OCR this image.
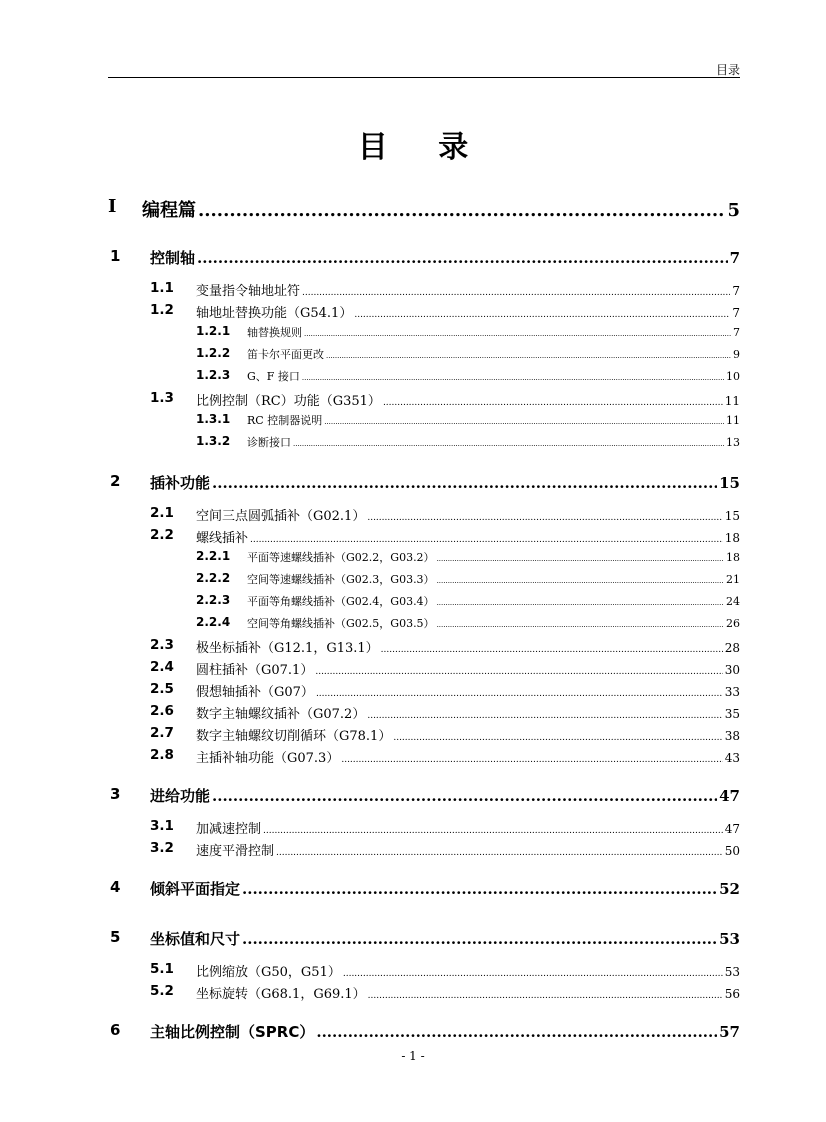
目录
目 录
I 编程篇 .....	5
1 控制轴 .....	7
1.1 变量指令轴地址符 .....	7
1.2 轴地址替换功能（G54.1） .....	7
1.2.1 轴替换规则 .....	7
1.2.2 笛卡尔平面更改 .....	9
1.2.3 G、F 接口 .....	10
1.3 比例控制（RC）功能（G351） .....	11
1.3.1 RC 控制器说明 .....	11
1.3.2 诊断接口 .....	13
2 插补功能 .....	15
2.1 空间三点圆弧插补（G02.1） .....	15
2.2 螺线插补 .....	18
2.2.1 平面等速螺线插补（G02.2，G03.2） .....	18
2.2.2 空间等速螺线插补（G02.3，G03.3） .....	21
2.2.3 平面等角螺线插补（G02.4，G03.4） .....	24
2.2.4 空间等角螺线插补（G02.5，G03.5） .....	26
2.3 极坐标插补（G12.1，G13.1） .....	28
2.4 圆柱插补（G07.1） .....	30
2.5 假想轴插补（G07） .....	33
2.6 数字主轴螺纹插补（G07.2） .....	35
2.7 数字主轴螺纹切削循环（G78.1） .....	38
2.8 主插补轴功能（G07.3） .....	43
3 进给功能 .....	47
3.1 加减速控制 .....	47
3.2 速度平滑控制 .....	50
4 倾斜平面指定 .....	52
5 坐标值和尺寸 .....	53
5.1 比例缩放（G50，G51） .....	53
5.2 坐标旋转（G68.1，G69.1） .....	56
6 主轴比例控制（SPRC） .....	57
- 1 -
